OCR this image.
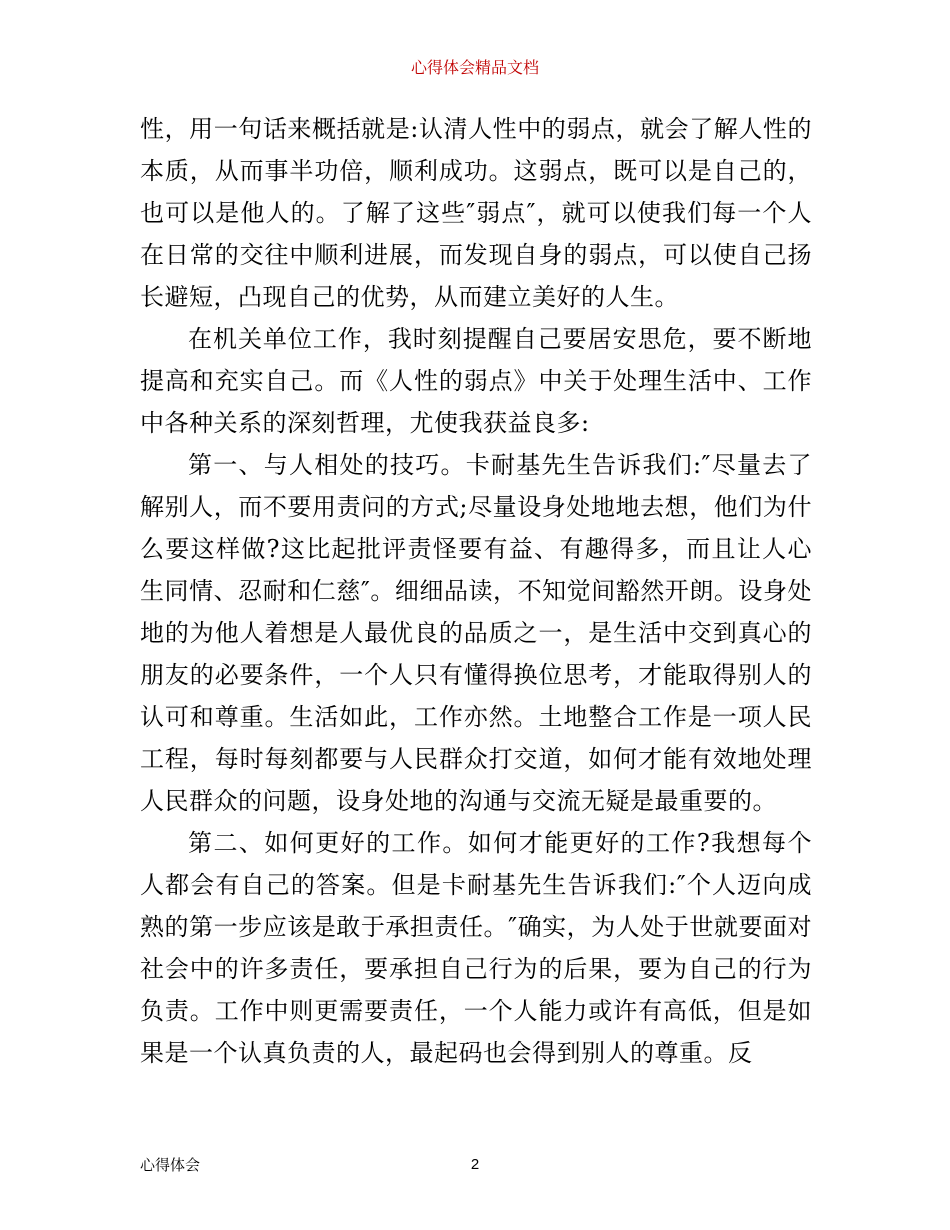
心得体会精品文档

性，用一句话来概括就是:认清人性中的弱点，就会了解人性的本质，从而事半功倍，顺利成功。这弱点，既可以是自己的，也可以是他人的。了解了这些″弱点″，就可以使我们每一个人在日常的交往中顺利进展，而发现自身的弱点，可以使自己扬长避短，凸现自己的优势，从而建立美好的人生。

在机关单位工作，我时刻提醒自己要居安思危，要不断地提高和充实自己。而《人性的弱点》中关于处理生活中、工作中各种关系的深刻哲理，尤使我获益良多:

第一、与人相处的技巧。卡耐基先生告诉我们:″尽量去了解别人，而不要用责问的方式;尽量设身处地地去想，他们为什么要这样做?这比起批评责怪要有益、有趣得多，而且让人心生同情、忍耐和仁慈″。细细品读，不知觉间豁然开朗。设身处地的为他人着想是人最优良的品质之一，是生活中交到真心的朋友的必要条件，一个人只有懂得换位思考，才能取得别人的认可和尊重。生活如此，工作亦然。土地整合工作是一项人民工程，每时每刻都要与人民群众打交道，如何才能有效地处理人民群众的问题，设身处地的沟通与交流无疑是最重要的。

第二、如何更好的工作。如何才能更好的工作?我想每个人都会有自己的答案。但是卡耐基先生告诉我们:″个人迈向成熟的第一步应该是敢于承担责任。″确实，为人处于世就要面对社会中的许多责任，要承担自己行为的后果，要为自己的行为负责。工作中则更需要责任，一个人能力或许有高低，但是如果是一个认真负责的人，最起码也会得到别人的尊重。反

心得体会	2
